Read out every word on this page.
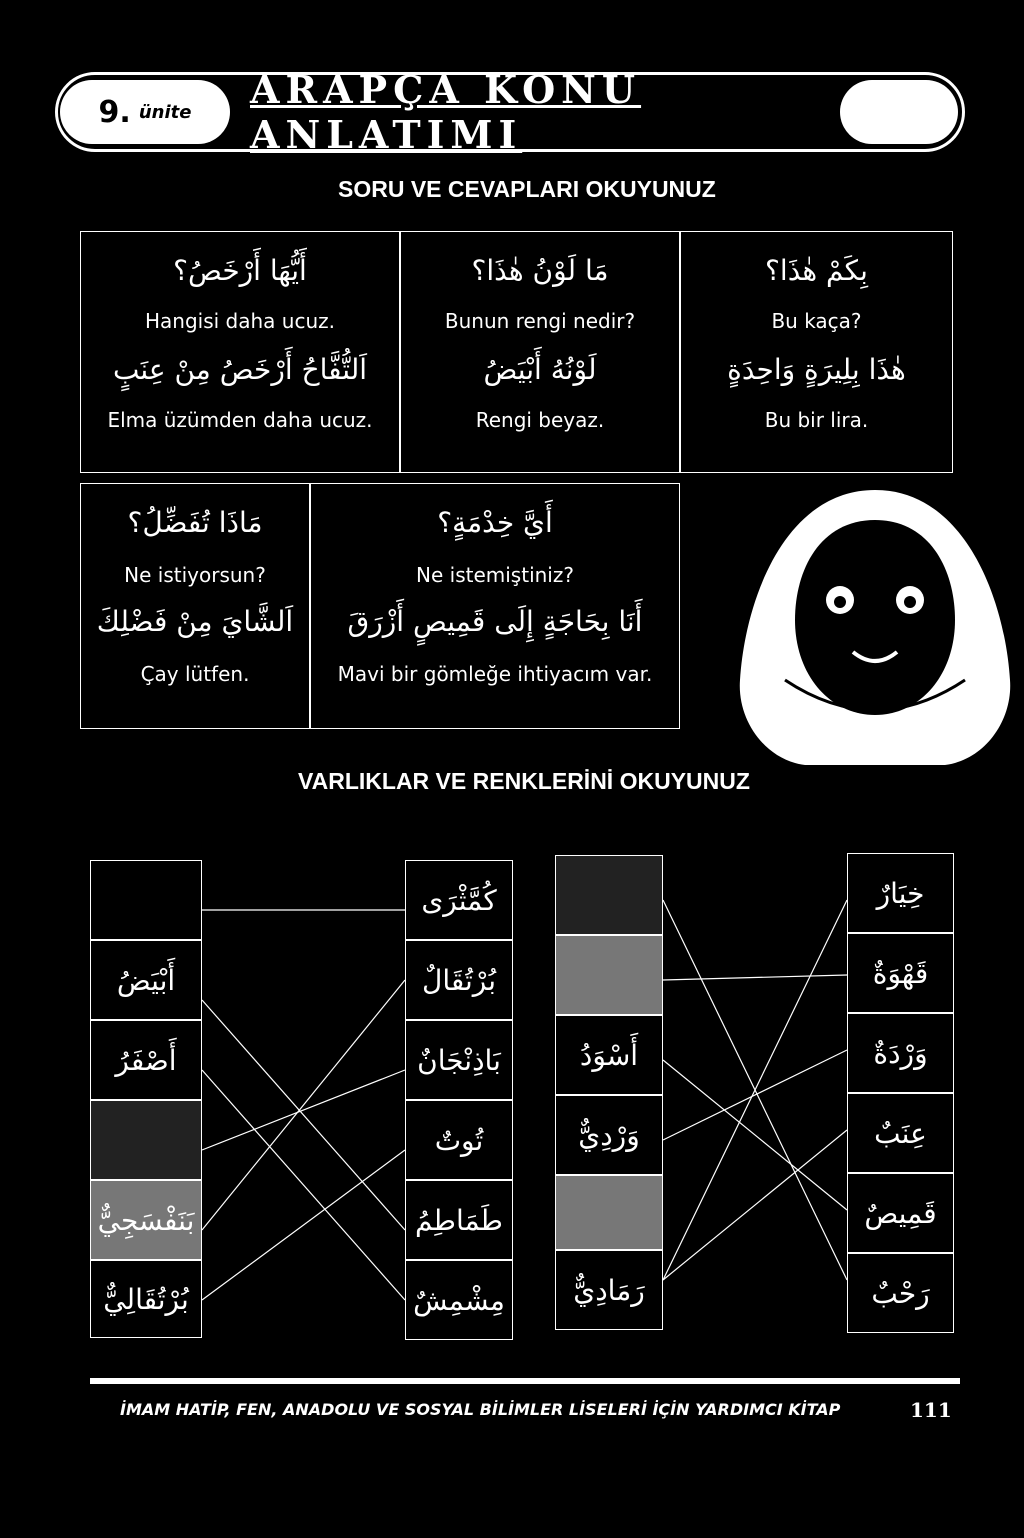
9. ünite ARAPÇA KONU ANLATIMI
SORU VE CEVAPLARI OKUYUNUZ
أَيُّهَا أَرْخَصُ؟
Hangisi daha ucuz.
اَلتُّفَّاحُ أَرْخَصُ مِنْ عِنَبٍ
Elma üzümden daha ucuz.
مَا لَوْنُ هٰذَا؟
Bunun rengi nedir?
لَوْنُهُ أَبْيَضُ
Rengi beyaz.
بِكَمْ هٰذَا؟
Bu kaça?
هٰذَا بِلِيرَةٍ وَاحِدَةٍ
Bu bir lira.
مَاذَا تُفَضِّلُ؟
Ne istiyorsun?
اَلشَّايَ مِنْ فَضْلِكَ
Çay lütfen.
أَيَّ خِدْمَةٍ؟
Ne istemiştiniz?
أَنَا بِحَاجَةٍ إِلَى قَمِيصٍ أَزْرَقَ
Mavi bir gömleğe ihtiyacım var.
VARLIKLAR VE RENKLERİNİ OKUYUNUZ
أَخْضَرُ
أَبْيَضُ
أَصْفَرُ
بَنَفْسَجِيٌّ
بُرْتُقَالِيٌّ
كُمَّثْرَى
بُرْتُقَالٌ
بَاذِنْجَانٌ
تُوتٌ
طَمَاطِمُ
مِشْمِشٌ
أَسْوَدُ
وَرْدِيٌّ
رَمَادِيٌّ
خِيَارٌ
قَهْوَةٌ
وَرْدَةٌ
عِنَبٌ
قَمِيصٌ
رَحْبٌ
İMAM HATİP, FEN, ANADOLU VE SOSYAL BİLİMLER LİSELERİ İÇİN YARDIMCI KİTAP	111
